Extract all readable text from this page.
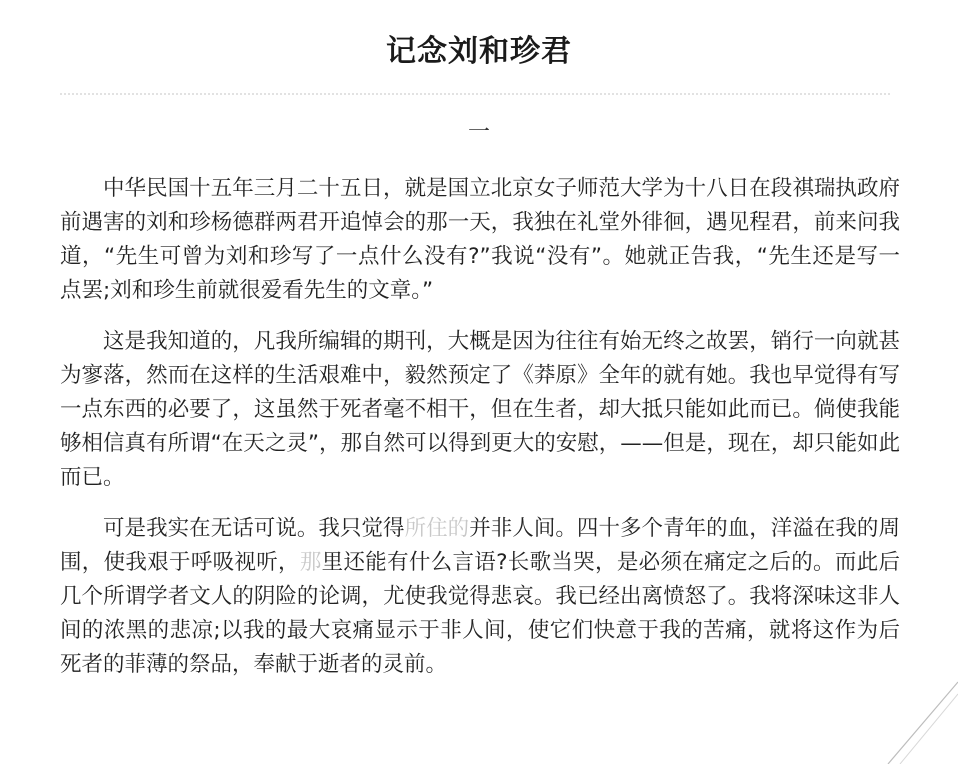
记念刘和珍君
一

中华民国十五年三月二十五日，就是国立北京女子师范大学为十八日在段祺瑞执政府前遇害的刘和珍杨德群两君开追悼会的那一天，我独在礼堂外徘徊，遇见程君，前来问我道，“先生可曾为刘和珍写了一点什么没有?”我说“没有”。她就正告我，“先生还是写一点罢;刘和珍生前就很爱看先生的文章。”

这是我知道的，凡我所编辑的期刊，大概是因为往往有始无终之故罢，销行一向就甚为寥落，然而在这样的生活艰难中，毅然预定了《莽原》全年的就有她。我也早觉得有写一点东西的必要了，这虽然于死者毫不相干，但在生者，却大抵只能如此而已。倘使我能够相信真有所谓“在天之灵”，那自然可以得到更大的安慰，——但是，现在，却只能如此而已。

可是我实在无话可说。我只觉得所住的并非人间。四十多个青年的血，洋溢在我的周围，使我艰于呼吸视听，那里还能有什么言语?长歌当哭，是必须在痛定之后的。而此后几个所谓学者文人的阴险的论调，尤使我觉得悲哀。我已经出离愤怒了。我将深味这非人间的浓黑的悲凉;以我的最大哀痛显示于非人间，使它们快意于我的苦痛，就将这作为后死者的菲薄的祭品，奉献于逝者的灵前。
